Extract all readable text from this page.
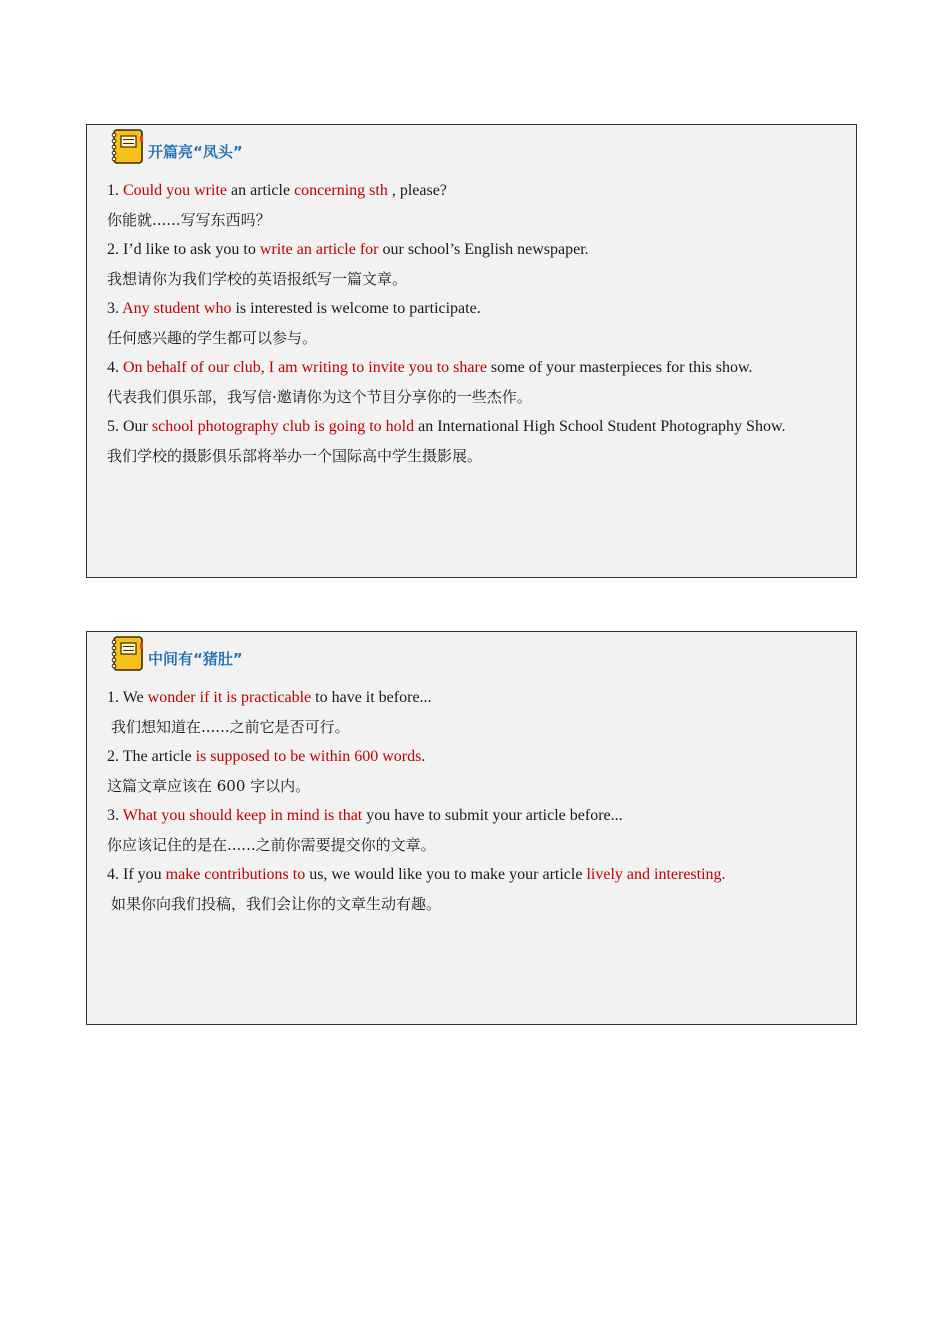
开篇亮“凤头”
1. Could you write an article concerning sth , please?
你能就......写写东西吗？
2. I’d like to ask you to write an article for our school’s English newspaper.
我想请你为我们学校的英语报纸写一篇文章。
3. Any student who is interested is welcome to participate.
任何感兴趣的学生都可以参与。
4. On behalf of our club, I am writing to invite you to share some of your masterpieces for this show.
代表我们俱乐部，我写信·邀请你为这个节目分享你的一些杰作。
5. Our school photography club is going to hold an International High School Student Photography Show.
我们学校的摄影俱乐部将举办一个国际高中学生摄影展。
中间有“猪肚”
1. We wonder if it is practicable to have it before...
我们想知道在......之前它是否可行。
2. The article is supposed to be within 600 words.
这篇文章应该在 600 字以内。
3. What you should keep in mind is that you have to submit your article before...
你应该记住的是在......之前你需要提交你的文章。
4. If you make contributions to us, we would like you to make your article lively and interesting.
如果你向我们投稿，我们会让你的文章生动有趣。
